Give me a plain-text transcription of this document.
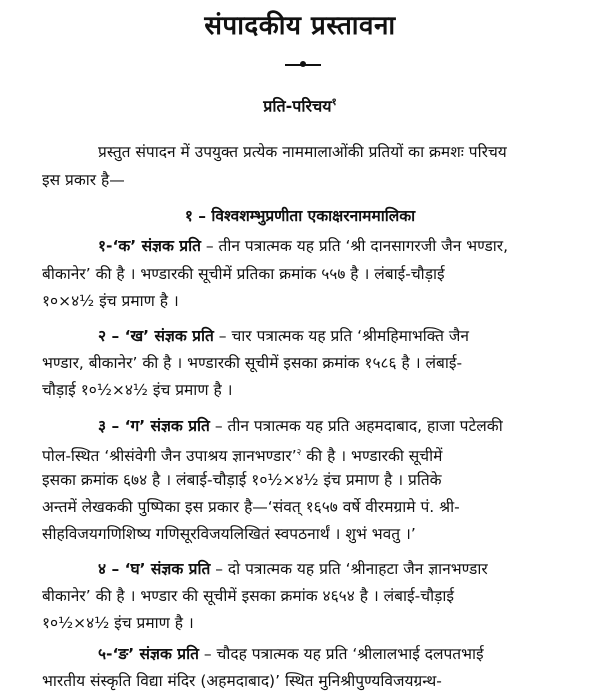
संपादकीय प्रस्तावना
प्रति-परिचय$^१$
प्रस्तुत संपादन में उपयुक्त प्रत्येक नाममालाओंकी प्रतियों का क्रमशः परिचय
इस प्रकार है—
१ – विश्वशम्भुप्रणीता एकाक्षरनाममालिका
१-‘क’ संज्ञक प्रति – तीन पत्रात्मक यह प्रति ‘श्री दानसागरजी जैन भण्डार,
बीकानेर’ की है । भण्डारकी सूचीमें प्रतिका क्रमांक ५५७ है । लंबाई-चौड़ाई
१०×४½ इंच प्रमाण है ।
२ – ‘ख’ संज्ञक प्रति – चार पत्रात्मक यह प्रति ‘श्रीमहिमाभक्ति जैन
भण्डार, बीकानेर’ की है । भण्डारकी सूचीमें इसका क्रमांक १५८६ है । लंबाई-
चौड़ाई १०½×४½ इंच प्रमाण है ।
३ – ‘ग’ संज्ञक प्रति – तीन पत्रात्मक यह प्रति अहमदाबाद, हाजा पटेलकी
पोल-स्थित ‘श्रीसंवेगी जैन उपाश्रय ज्ञानभण्डार’$^२$ की है । भण्डारकी सूचीमें
इसका क्रमांक ६७४ है । लंबाई-चौड़ाई १०½×४½ इंच प्रमाण है । प्रतिके
अन्तमें लेखककी पुष्पिका इस प्रकार है—‘संवत् १६५७ वर्षे वीरमग्रामे पं. श्री-
सीहविजयगणिशिष्य गणिसूरविजयलिखितं स्वपठनार्थं । शुभं भवतु ।’
४ – ‘घ’ संज्ञक प्रति – दो पत्रात्मक यह प्रति ‘श्रीनाहटा जैन ज्ञानभण्डार
बीकानेर’ की है । भण्डार की सूचीमें इसका क्रमांक ४६५४ है । लंबाई-चौड़ाई
१०½×४½ इंच प्रमाण है ।
५-‘ङ’ संज्ञक प्रति – चौदह पत्रात्मक यह प्रति ‘श्रीलालभाई दलपतभाई
भारतीय संस्कृति विद्या मंदिर (अहमदाबाद)’ स्थित मुनिश्रीपुण्यविजयग्रन्थ-
